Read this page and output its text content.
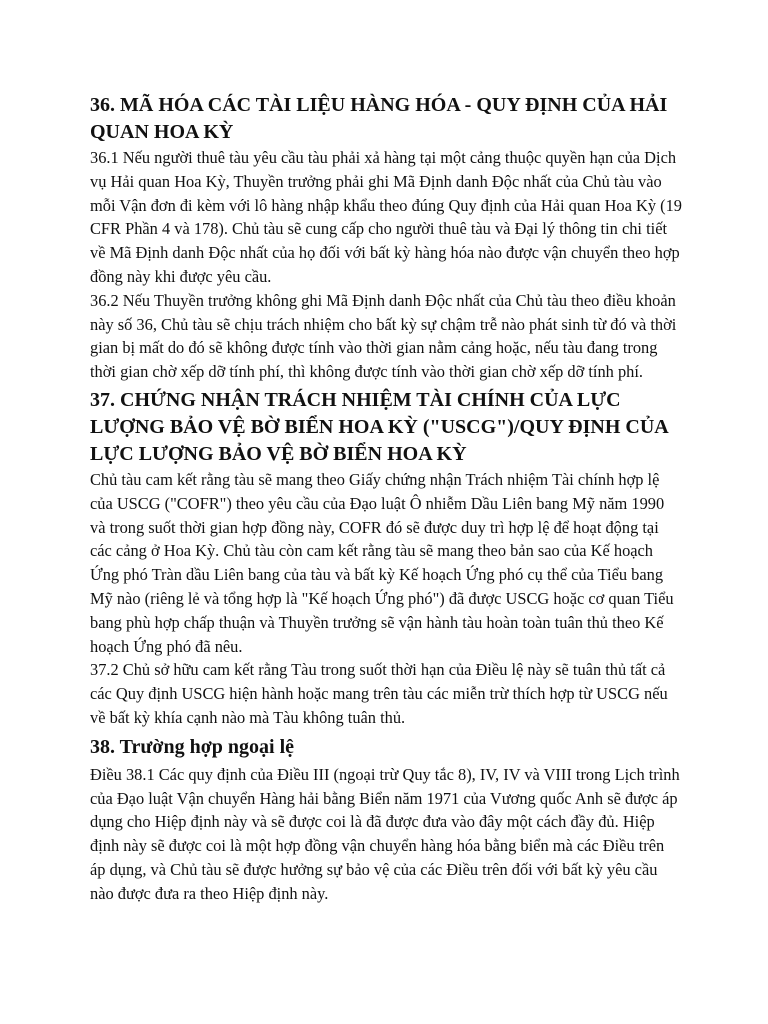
36. MÃ HÓA CÁC TÀI LIỆU HÀNG HÓA - QUY ĐỊNH CỦA HẢI QUAN HOA KỲ

36.1 Nếu người thuê tàu yêu cầu tàu phải xả hàng tại một cảng thuộc quyền hạn của Dịch vụ Hải quan Hoa Kỳ, Thuyền trưởng phải ghi Mã Định danh Độc nhất của Chủ tàu vào mỗi Vận đơn đi kèm với lô hàng nhập khẩu theo đúng Quy định của Hải quan Hoa Kỳ (19 CFR Phần 4 và 178). Chủ tàu sẽ cung cấp cho người thuê tàu và Đại lý thông tin chi tiết về Mã Định danh Độc nhất của họ đối với bất kỳ hàng hóa nào được vận chuyển theo hợp đồng này khi được yêu cầu.

36.2 Nếu Thuyền trưởng không ghi Mã Định danh Độc nhất của Chủ tàu theo điều khoản này số 36, Chủ tàu sẽ chịu trách nhiệm cho bất kỳ sự chậm trễ nào phát sinh từ đó và thời gian bị mất do đó sẽ không được tính vào thời gian nằm cảng hoặc, nếu tàu đang trong thời gian chờ xếp dỡ tính phí, thì không được tính vào thời gian chờ xếp dỡ tính phí.

37. CHỨNG NHẬN TRÁCH NHIỆM TÀI CHÍNH CỦA LỰC LƯỢNG BẢO VỆ BỜ BIỂN HOA KỲ ("USCG")/QUY ĐỊNH CỦA LỰC LƯỢNG BẢO VỆ BỜ BIỂN HOA KỲ

Chủ tàu cam kết rằng tàu sẽ mang theo Giấy chứng nhận Trách nhiệm Tài chính hợp lệ của USCG ("COFR") theo yêu cầu của Đạo luật Ô nhiễm Dầu Liên bang Mỹ năm 1990 và trong suốt thời gian hợp đồng này, COFR đó sẽ được duy trì hợp lệ để hoạt động tại các cảng ở Hoa Kỳ. Chủ tàu còn cam kết rằng tàu sẽ mang theo bản sao của Kế hoạch Ứng phó Tràn dầu Liên bang của tàu và bất kỳ Kế hoạch Ứng phó cụ thể của Tiểu bang Mỹ nào (riêng lẻ và tổng hợp là "Kế hoạch Ứng phó") đã được USCG hoặc cơ quan Tiểu bang phù hợp chấp thuận và Thuyền trưởng sẽ vận hành tàu hoàn toàn tuân thủ theo Kế hoạch Ứng phó đã nêu.

37.2 Chủ sở hữu cam kết rằng Tàu trong suốt thời hạn của Điều lệ này sẽ tuân thủ tất cả các Quy định USCG hiện hành hoặc mang trên tàu các miễn trừ thích hợp từ USCG nếu về bất kỳ khía cạnh nào mà Tàu không tuân thủ.

38. Trường hợp ngoại lệ

Điều 38.1 Các quy định của Điều III (ngoại trừ Quy tắc 8), IV, IV và VIII trong Lịch trình của Đạo luật Vận chuyển Hàng hải bằng Biển năm 1971 của Vương quốc Anh sẽ được áp dụng cho Hiệp định này và sẽ được coi là đã được đưa vào đây một cách đầy đủ. Hiệp định này sẽ được coi là một hợp đồng vận chuyển hàng hóa bằng biển mà các Điều trên áp dụng, và Chủ tàu sẽ được hưởng sự bảo vệ của các Điều trên đối với bất kỳ yêu cầu nào được đưa ra theo Hiệp định này.
